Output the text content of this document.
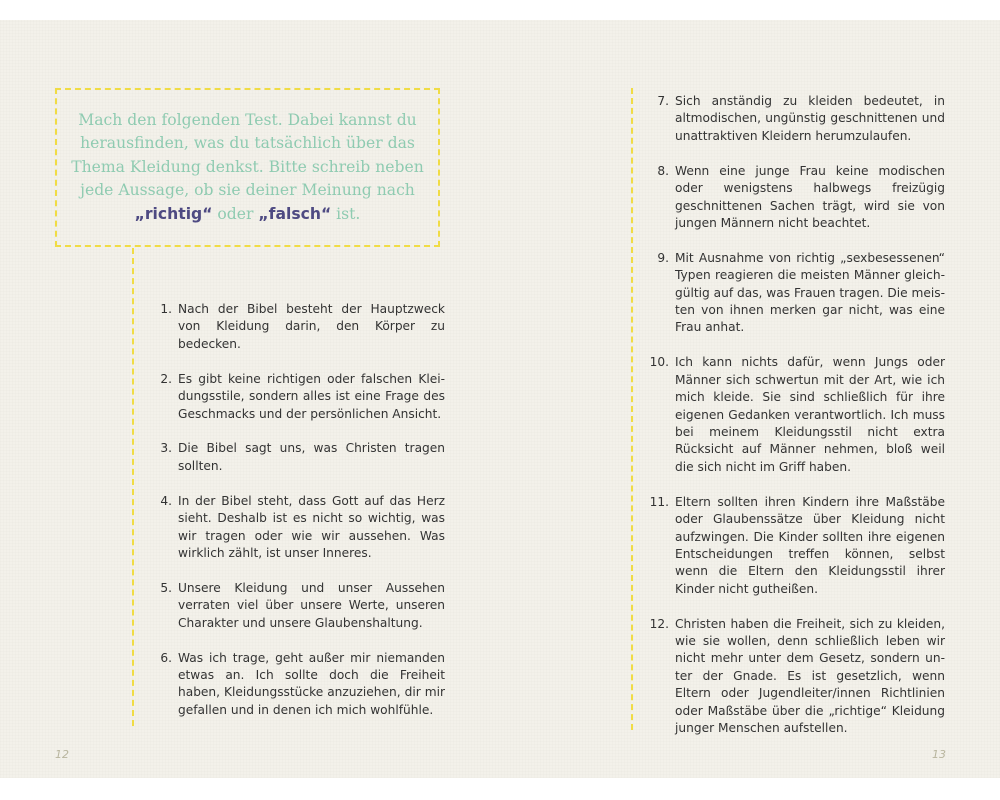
Mach den folgenden Test. Dabei kannst du herausfinden, was du tatsächlich über das Thema Kleidung denkst. Bitte schreib neben jede Aussage, ob sie deiner Meinung nach „richtig“ oder „falsch“ ist.

1. Nach der Bibel besteht der Hauptzweck von Kleidung darin, den Körper zu bedecken.
2. Es gibt keine richtigen oder falschen Kleidungsstile, sondern alles ist eine Frage des Geschmacks und der persönlichen Ansicht.
3. Die Bibel sagt uns, was Christen tragen sollten.
4. In der Bibel steht, dass Gott auf das Herz sieht. Deshalb ist es nicht so wichtig, was wir tragen oder wie wir aussehen. Was wirklich zählt, ist unser Inneres.
5. Unsere Kleidung und unser Aussehen verraten viel über unsere Werte, unseren Charakter und unsere Glaubenshaltung.
6. Was ich trage, geht außer mir niemanden etwas an. Ich sollte doch die Freiheit haben, Kleidungsstücke anzuziehen, dir mir gefallen und in denen ich mich wohlfühle.
7. Sich anständig zu kleiden bedeutet, in altmodischen, ungünstig geschnittenen und unattraktiven Kleidern herumzulaufen.
8. Wenn eine junge Frau keine modischen oder wenigstens halbwegs freizügig geschnittenen Sachen trägt, wird sie von jungen Männern nicht beachtet.
9. Mit Ausnahme von richtig „sexbesessenen“ Typen reagieren die meisten Männer gleichgültig auf das, was Frauen tragen. Die meisten von ihnen merken gar nicht, was eine Frau anhat.
10. Ich kann nichts dafür, wenn Jungs oder Männer sich schwertun mit der Art, wie ich mich kleide. Sie sind schließlich für ihre eigenen Gedanken verantwortlich. Ich muss bei meinem Kleidungsstil nicht extra Rücksicht auf Männer nehmen, bloß weil die sich nicht im Griff haben.
11. Eltern sollten ihren Kindern ihre Maßstäbe oder Glaubenssätze über Kleidung nicht aufzwingen. Die Kinder sollten ihre eigenen Entscheidungen treffen können, selbst wenn die Eltern den Kleidungsstil ihrer Kinder nicht gutheißen.
12. Christen haben die Freiheit, sich zu kleiden, wie sie wollen, denn schließlich leben wir nicht mehr unter dem Gesetz, sondern unter der Gnade. Es ist gesetzlich, wenn Eltern oder Jugendleiter/innen Richtlinien oder Maßstäbe über die „richtige“ Kleidung junger Menschen aufstellen.
12	13
